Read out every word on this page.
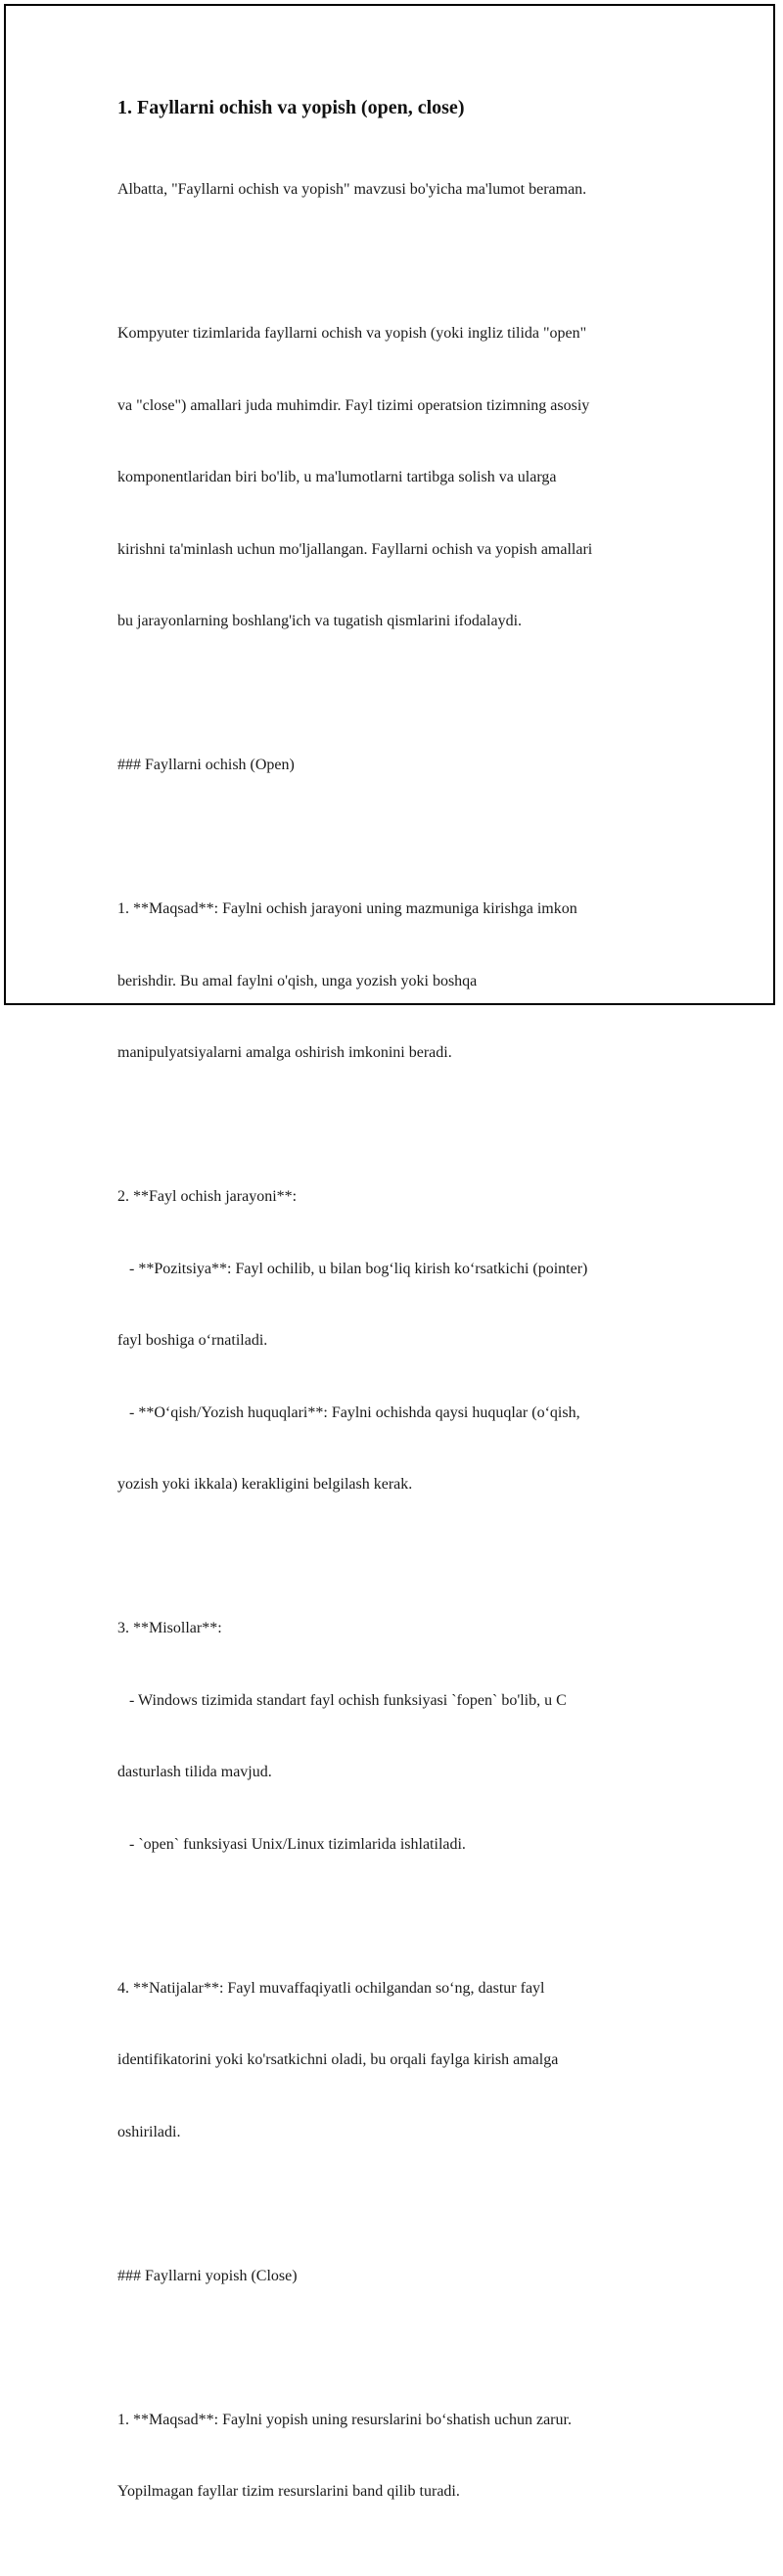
1. Fayllarni ochish va yopish (open, close)

Albatta, "Fayllarni ochish va yopish" mavzusi bo'yicha ma'lumot beraman.

Kompyuter tizimlarida fayllarni ochish va yopish (yoki ingliz tilida "open"

va "close") amallari juda muhimdir. Fayl tizimi operatsion tizimning asosiy

komponentlaridan biri bo'lib, u ma'lumotlarni tartibga solish va ularga

kirishni ta'minlash uchun mo'ljallangan. Fayllarni ochish va yopish amallari

bu jarayonlarning boshlang'ich va tugatish qismlarini ifodalaydi.

### Fayllarni ochish (Open)

1. **Maqsad**: Faylni ochish jarayoni uning mazmuniga kirishga imkon

berishdir. Bu amal faylni o'qish, unga yozish yoki boshqa

manipulyatsiyalarni amalga oshirish imkonini beradi.

2. **Fayl ochish jarayoni**:

- **Pozitsiya**: Fayl ochilib, u bilan bog‘liq kirish ko‘rsatkichi (pointer)

fayl boshiga o‘rnatiladi.

- **O‘qish/Yozish huquqlari**: Faylni ochishda qaysi huquqlar (o‘qish,

yozish yoki ikkala) kerakligini belgilash kerak.

3. **Misollar**:

- Windows tizimida standart fayl ochish funksiyasi `fopen` bo'lib, u C

dasturlash tilida mavjud.

- `open` funksiyasi Unix/Linux tizimlarida ishlatiladi.

4. **Natijalar**: Fayl muvaffaqiyatli ochilgandan so‘ng, dastur fayl

identifikatorini yoki ko'rsatkichni oladi, bu orqali faylga kirish amalga

oshiriladi.

### Fayllarni yopish (Close)

1. **Maqsad**: Faylni yopish uning resurslarini bo‘shatish uchun zarur.

Yopilmagan fayllar tizim resurslarini band qilib turadi.
